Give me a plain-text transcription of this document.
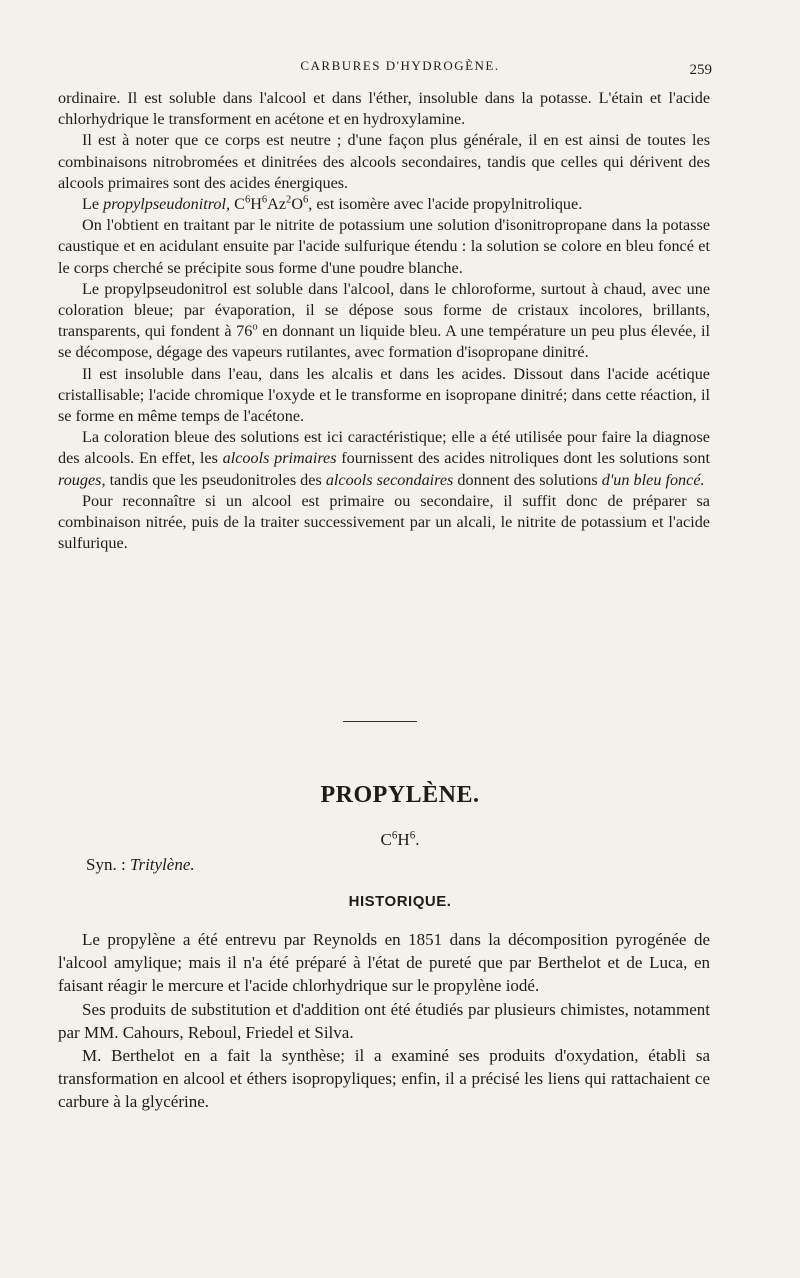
CARBURES D'HYDROGÈNE.	259

ordinaire. Il est soluble dans l'alcool et dans l'éther, insoluble dans la potasse. L'étain et l'acide chlorhydrique le transforment en acétone et en hydroxylamine.

Il est à noter que ce corps est neutre ; d'une façon plus générale, il en est ainsi de toutes les combinaisons nitrobromées et dinitrées des alcools secondaires, tandis que celles qui dérivent des alcools primaires sont des acides énergiques.

Le propylpseudonitrol, $C^6H^6Az^2O^6$, est isomère avec l'acide propylnitrolique.

On l'obtient en traitant par le nitrite de potassium une solution d'isonitropropane dans la potasse caustique et en acidulant ensuite par l'acide sulfurique étendu : la solution se colore en bleu foncé et le corps cherché se précipite sous forme d'une poudre blanche.

Le propylpseudonitrol est soluble dans l'alcool, dans le chloroforme, surtout à chaud, avec une coloration bleue; par évaporation, il se dépose sous forme de cristaux incolores, brillants, transparents, qui fondent à 76$^o$ en donnant un liquide bleu. A une température un peu plus élevée, il se décompose, dégage des vapeurs rutilantes, avec formation d'isopropane dinitré.

Il est insoluble dans l'eau, dans les alcalis et dans les acides. Dissout dans l'acide acétique cristallisable; l'acide chromique l'oxyde et le transforme en isopropane dinitré; dans cette réaction, il se forme en même temps de l'acétone.

La coloration bleue des solutions est ici caractéristique; elle a été utilisée pour faire la diagnose des alcools. En effet, les alcools primaires fournissent des acides nitroliques dont les solutions sont rouges, tandis que les pseudonitroles des alcools secondaires donnent des solutions d'un bleu foncé.

Pour reconnaître si un alcool est primaire ou secondaire, il suffit donc de préparer sa combinaison nitrée, puis de la traiter successivement par un alcali, le nitrite de potassium et l'acide sulfurique.

PROPYLÈNE.
$C^6H^6$.
Syn. : Tritylène.
HISTORIQUE.

Le propylène a été entrevu par Reynolds en 1851 dans la décomposition pyrogénée de l'alcool amylique; mais il n'a été préparé à l'état de pureté que par Berthelot et de Luca, en faisant réagir le mercure et l'acide chlorhydrique sur le propylène iodé.

Ses produits de substitution et d'addition ont été étudiés par plusieurs chimistes, notamment par MM. Cahours, Reboul, Friedel et Silva.

M. Berthelot en a fait la synthèse; il a examiné ses produits d'oxydation, établi sa transformation en alcool et éthers isopropyliques; enfin, il a précisé les liens qui rattachaient ce carbure à la glycérine.
